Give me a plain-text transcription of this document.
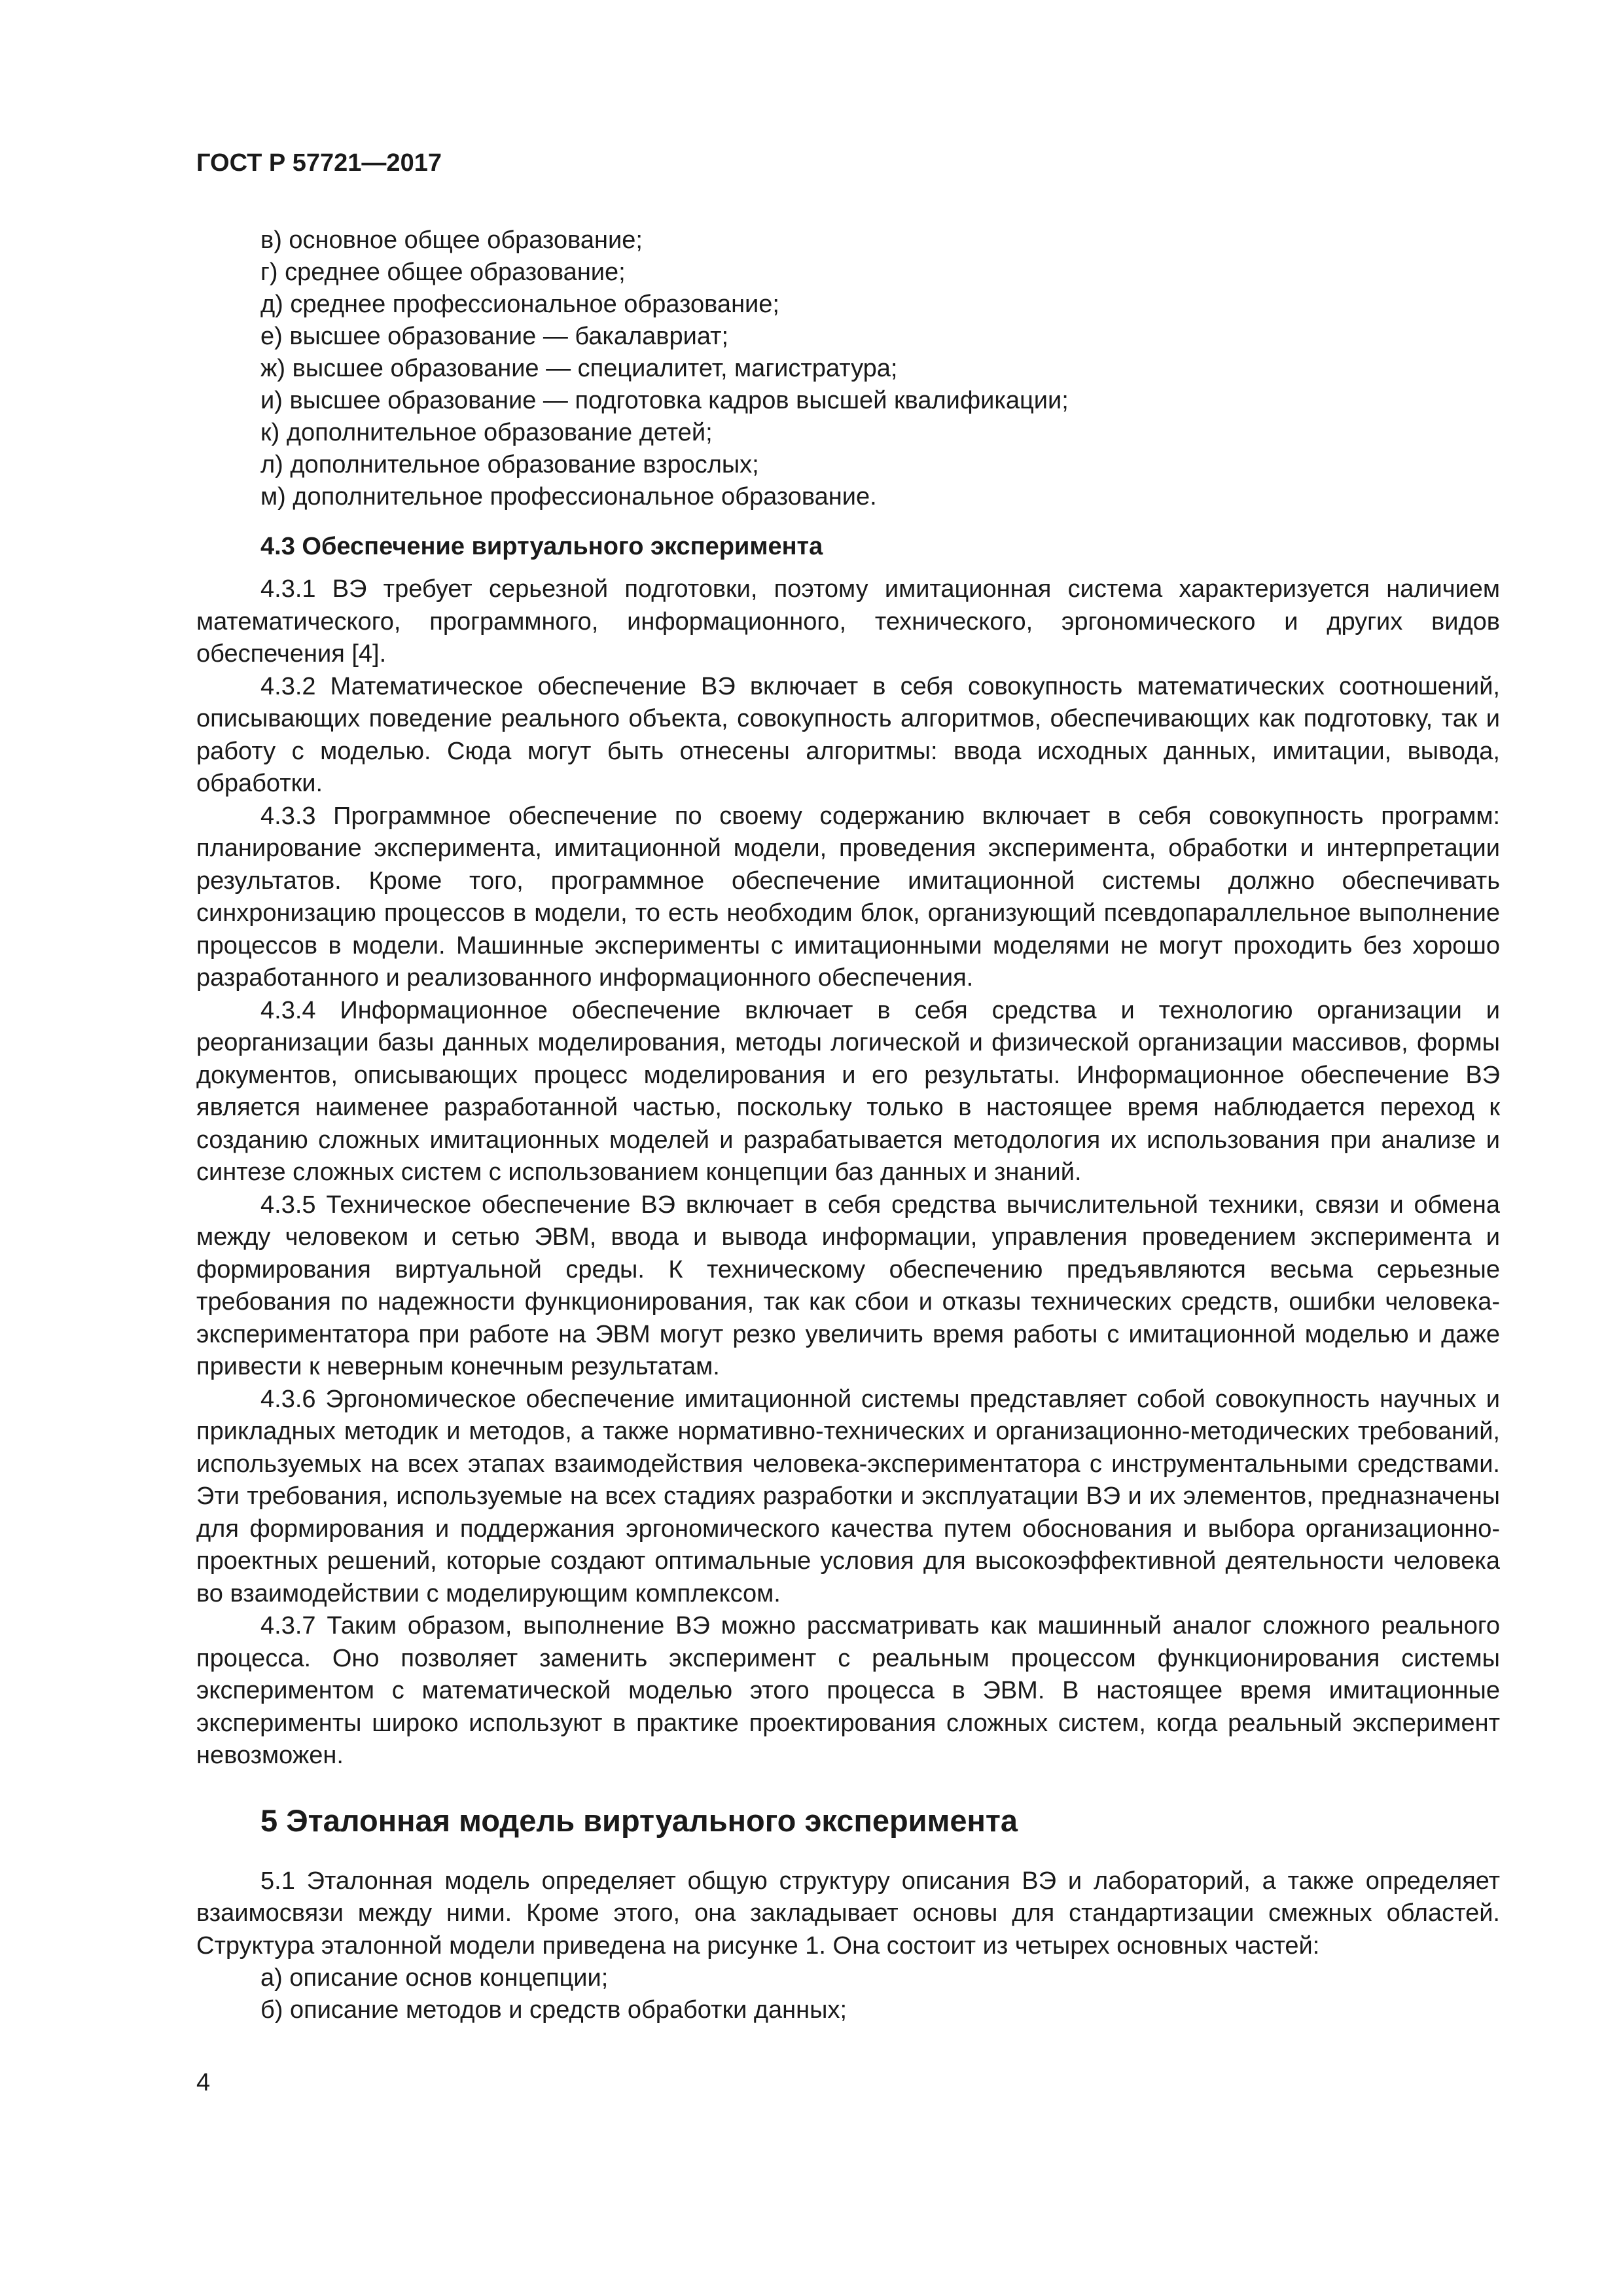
ГОСТ Р 57721—2017
в) основное общее образование;
г) среднее общее образование;
д) среднее профессиональное образование;
е) высшее образование — бакалавриат;
ж) высшее образование — специалитет, магистратура;
и) высшее образование — подготовка кадров высшей квалификации;
к) дополнительное образование детей;
л) дополнительное образование взрослых;
м) дополнительное профессиональное образование.
4.3 Обеспечение виртуального эксперимента

4.3.1 ВЭ требует серьезной подготовки, поэтому имитационная система характеризуется наличием математического, программного, информационного, технического, эргономического и других видов обеспечения [4].

4.3.2 Математическое обеспечение ВЭ включает в себя совокупность математических соотношений, описывающих поведение реального объекта, совокупность алгоритмов, обеспечивающих как подготовку, так и работу с моделью. Сюда могут быть отнесены алгоритмы: ввода исходных данных, имитации, вывода, обработки.

4.3.3 Программное обеспечение по своему содержанию включает в себя совокупность программ: планирование эксперимента, имитационной модели, проведения эксперимента, обработки и интерпретации результатов. Кроме того, программное обеспечение имитационной системы должно обеспечивать синхронизацию процессов в модели, то есть необходим блок, организующий псевдопараллельное выполнение процессов в модели. Машинные эксперименты с имитационными моделями не могут проходить без хорошо разработанного и реализованного информационного обеспечения.

4.3.4 Информационное обеспечение включает в себя средства и технологию организации и реорганизации базы данных моделирования, методы логической и физической организации массивов, формы документов, описывающих процесс моделирования и его результаты. Информационное обеспечение ВЭ является наименее разработанной частью, поскольку только в настоящее время наблюдается переход к созданию сложных имитационных моделей и разрабатывается методология их использования при анализе и синтезе сложных систем с использованием концепции баз данных и знаний.

4.3.5 Техническое обеспечение ВЭ включает в себя средства вычислительной техники, связи и обмена между человеком и сетью ЭВМ, ввода и вывода информации, управления проведением эксперимента и формирования виртуальной среды. К техническому обеспечению предъявляются весьма серьезные требования по надежности функционирования, так как сбои и отказы технических средств, ошибки человека-экспериментатора при работе на ЭВМ могут резко увеличить время работы с имитационной моделью и даже привести к неверным конечным результатам.

4.3.6 Эргономическое обеспечение имитационной системы представляет собой совокупность научных и прикладных методик и методов, а также нормативно-технических и организационно-методических требований, используемых на всех этапах взаимодействия человека-экспериментатора с инструментальными средствами. Эти требования, используемые на всех стадиях разработки и эксплуатации ВЭ и их элементов, предназначены для формирования и поддержания эргономического качества путем обоснования и выбора организационно-проектных решений, которые создают оптимальные условия для высокоэффективной деятельности человека во взаимодействии с моделирующим комплексом.

4.3.7 Таким образом, выполнение ВЭ можно рассматривать как машинный аналог сложного реального процесса. Оно позволяет заменить эксперимент с реальным процессом функционирования системы экспериментом с математической моделью этого процесса в ЭВМ. В настоящее время имитационные эксперименты широко используют в практике проектирования сложных систем, когда реальный эксперимент невозможен.

5 Эталонная модель виртуального эксперимента

5.1 Эталонная модель определяет общую структуру описания ВЭ и лабораторий, а также определяет взаимосвязи между ними. Кроме этого, она закладывает основы для стандартизации смежных областей. Структура эталонной модели приведена на рисунке 1. Она состоит из четырех основных частей:

а) описание основ концепции;
б) описание методов и средств обработки данных;
4
